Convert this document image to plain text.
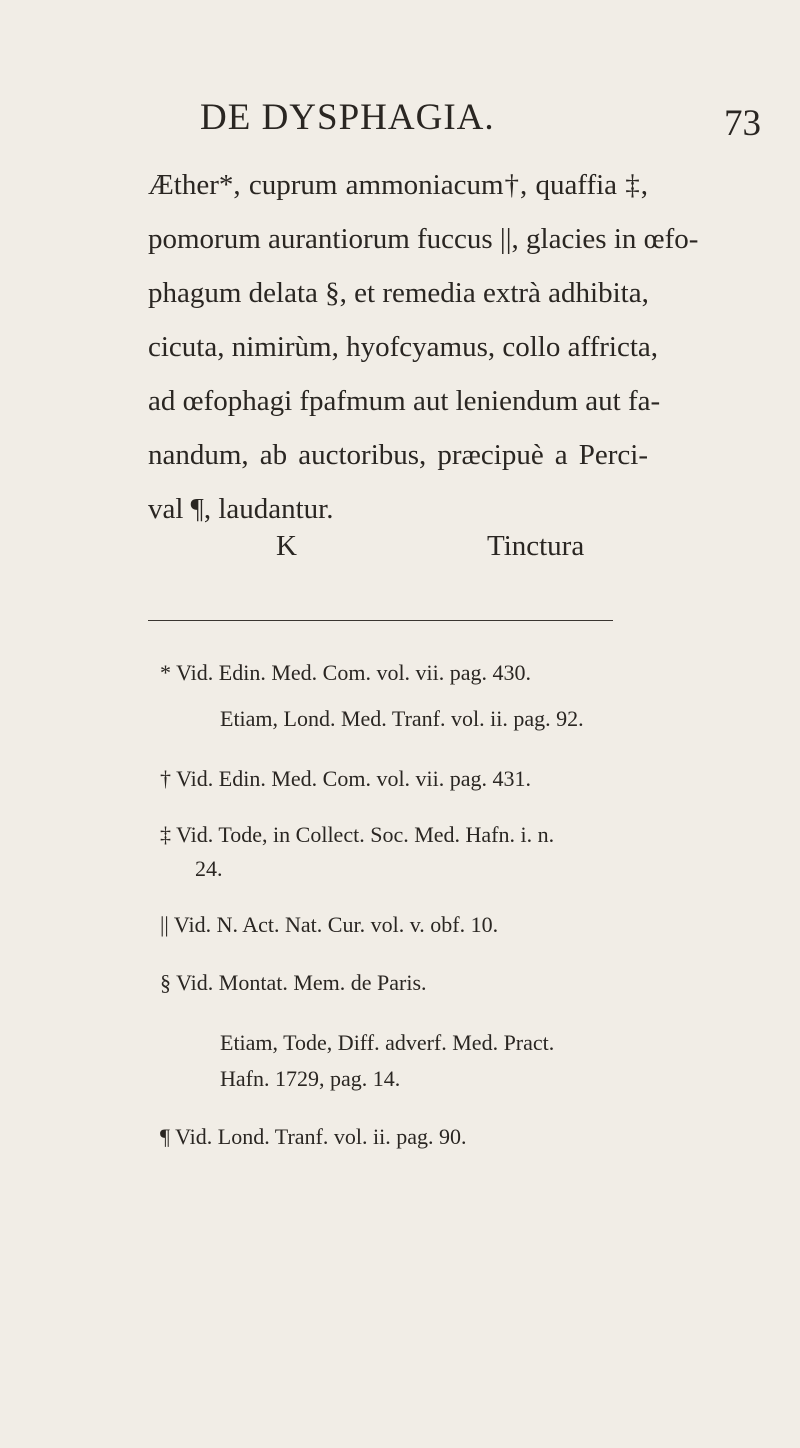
DE DYSPHAGIA.	73
Æther*, cuprum ammoniacum†, quaffia ‡,
pomorum aurantiorum fuccus ||, glacies in œfo-
phagum delata §, et remedia extrà adhibita,
cicuta, nimirùm, hyofcyamus, collo affricta,
ad œfophagi fpafmum aut leniendum aut fa-
nandum, ab auctoribus, præcipuè a Perci-
val ¶, laudantur.
K	Tinctura
* Vid. Edin. Med. Com. vol. vii. pag. 430.
Etiam, Lond. Med. Tranf. vol. ii. pag. 92.
† Vid. Edin. Med. Com. vol. vii. pag. 431.
‡ Vid. Tode, in Collect. Soc. Med. Hafn. i. n.
24.
|| Vid. N. Act. Nat. Cur. vol. v. obf. 10.
§ Vid. Montat. Mem. de Paris.
Etiam, Tode, Diff. adverf. Med. Pract.
Hafn. 1729, pag. 14.
¶ Vid. Lond. Tranf. vol. ii. pag. 90.
